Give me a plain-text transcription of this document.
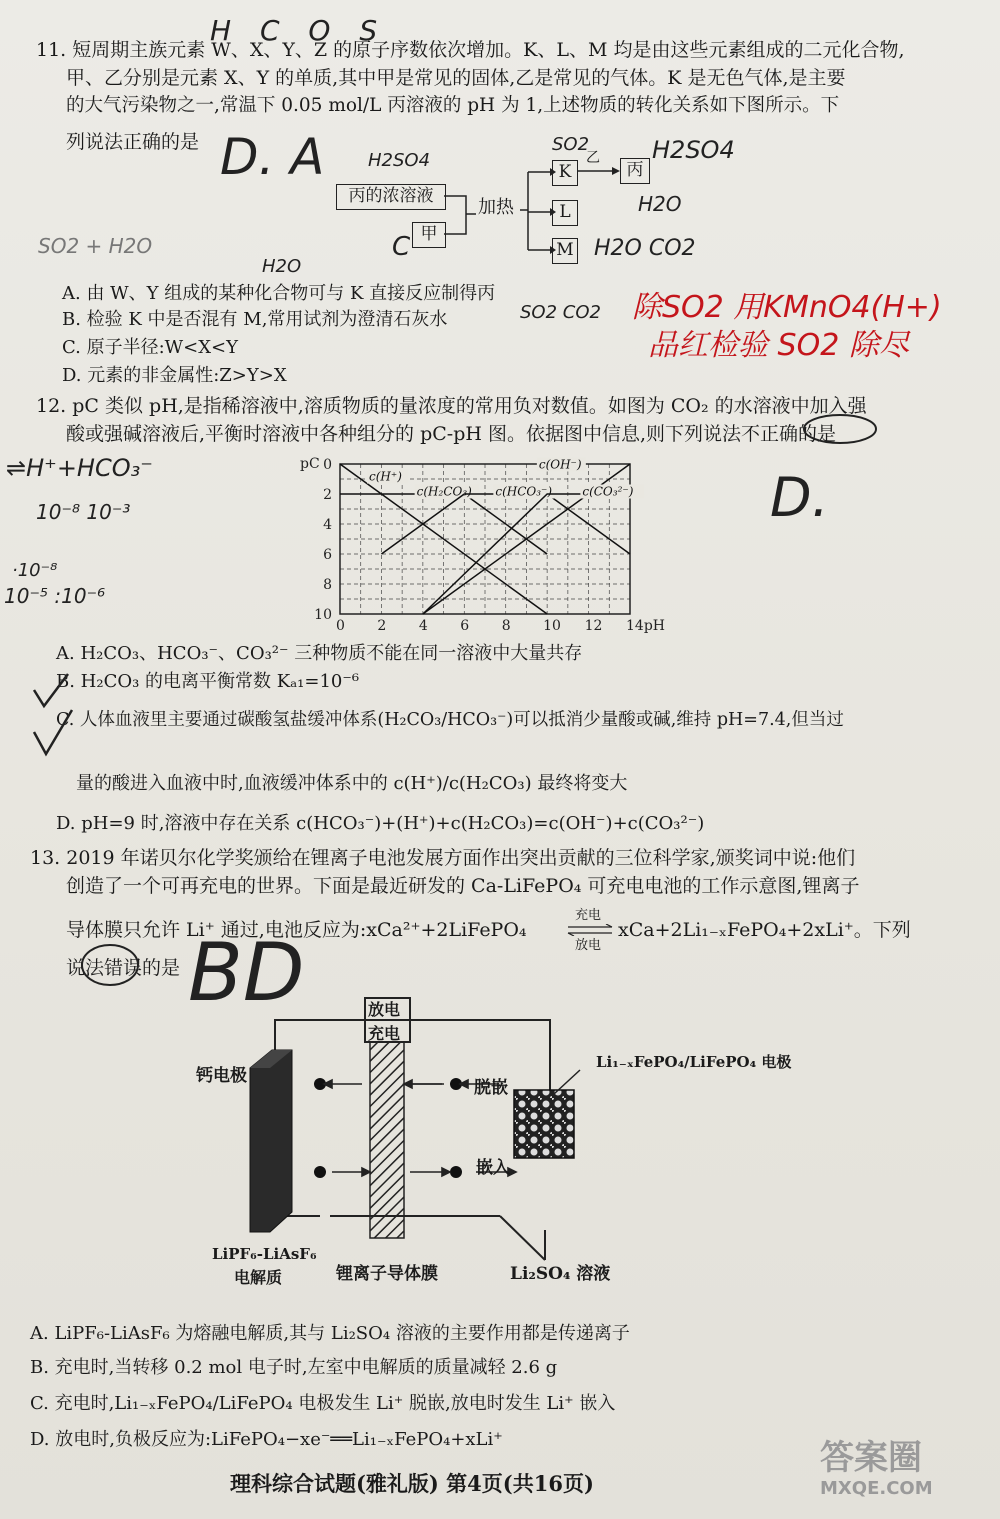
11. 短周期主族元素 W、X、Y、Z 的原子序数依次增加。K、L、M 均是由这些元素组成的二元化合物,
甲、乙分别是元素 X、Y 的单质,其中甲是常见的固体,乙是常见的气体。K 是无色气体,是主要
的大气污染物之一,常温下 0.05 mol/L 丙溶液的 pH 为 1,上述物质的转化关系如下图所示。下
列说法正确的是
H C O S
D. A H2SO4
C
SO2	H2SO4
H2O
H2O CO2
SO2 + H2O
H2O
SO2 CO2 除SO2 用KMnO4(H+)
品红检验 SO2 除尽
丙的浓溶液
甲
加热
K
L
M
丙
乙
A. 由 W、Y 组成的某种化合物可与 K 直接反应制得丙
B. 检验 K 中是否混有 M,常用试剂为澄清石灰水
C. 原子半径:W<X<Y
D. 元素的非金属性:Z>Y>X
12. pC 类似 pH,是指稀溶液中,溶质物质的量浓度的常用负对数值。如图为 CO₂ 的水溶液中加入强
酸或强碱溶液后,平衡时溶液中各种组分的 pC-pH 图。依据图中信息,则下列说法不正确的是
⇌H⁺+HCO₃⁻
10⁻⁸ 10⁻³
·10⁻⁸
10⁻⁵ :10⁻⁶
D.
0 2 4 6 8 10 12 14pH
0
2
4
6
8
10
pC
c(H⁺)
c(OH⁻)
c(H₂CO₃) c(HCO₃⁻)	c(CO₃²⁻)
A. H₂CO₃、HCO₃⁻、CO₃²⁻ 三种物质不能在同一溶液中大量共存
B. H₂CO₃ 的电离平衡常数 Kₐ₁=10⁻⁶
C. 人体血液里主要通过碳酸氢盐缓冲体系(H₂CO₃/HCO₃⁻)可以抵消少量酸或碱,维持 pH=7.4,但当过
量的酸进入血液中时,血液缓冲体系中的 c(H⁺)/c(H₂CO₃) 最终将变大
D. pH=9 时,溶液中存在关系 c(HCO₃⁻)+(H⁺)+c(H₂CO₃)=c(OH⁻)+c(CO₃²⁻)
13. 2019 年诺贝尔化学奖颁给在锂离子电池发展方面作出突出贡献的三位科学家,颁奖词中说:他们
创造了一个可再充电的世界。下面是最近研发的 Ca-LiFePO₄ 可充电电池的工作示意图,锂离子
导体膜只允许 Li⁺ 通过,电池反应为:xCa²⁺+2LiFePO₄
充电
放电
⇌ xCa+2Li₁₋ₓFePO₄+2xLi⁺。下列
说法错误的是 BD	放电
充电
钙电极
Li₁₋ₓFePO₄/LiFePO₄ 电极
脱嵌
嵌入
LiPF₆-LiAsF₆
电解质	锂离子导体膜	Li₂SO₄ 溶液
A. LiPF₆-LiAsF₆ 为熔融电解质,其与 Li₂SO₄ 溶液的主要作用都是传递离子
B. 充电时,当转移 0.2 mol 电子时,左室中电解质的质量减轻 2.6 g
C. 充电时,Li₁₋ₓFePO₄/LiFePO₄ 电极发生 Li⁺ 脱嵌,放电时发生 Li⁺ 嵌入
D. 放电时,负极反应为:LiFePO₄−xe⁻══Li₁₋ₓFePO₄+xLi⁺
理科综合试题(雅礼版) 第4页(共16页)
答案圈
MXQE.COM
